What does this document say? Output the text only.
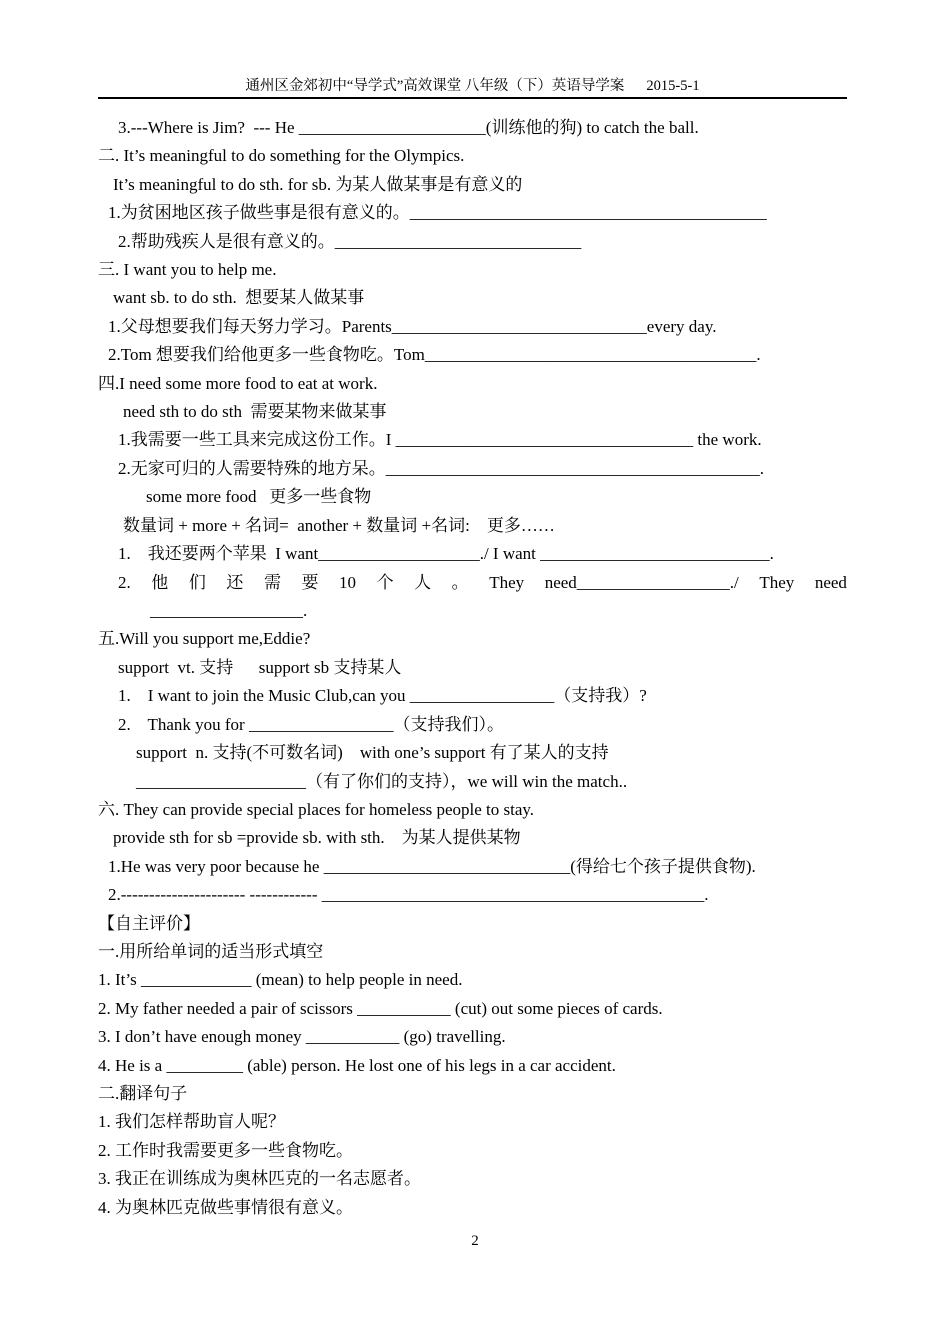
通州区金郊初中“导学式”高效课堂 八年级（下）英语导学案 2015-5-1
3.---Where is Jim?  --- He ______________________(训练他的狗) to catch the ball.
二. It’s meaningful to do something for the Olympics.
It’s meaningful to do sth. for sb. 为某人做某事是有意义的
1.为贫困地区孩子做些事是很有意义的。__________________________________________
2.帮助残疾人是很有意义的。_____________________________
三. I want you to help me.
want sb. to do sth.  想要某人做某事
1.父母想要我们每天努力学习。Parents______________________________every day.
2.Tom 想要我们给他更多一些食物吃。Tom_______________________________________.
四.I need some more food to eat at work.
need sth to do sth  需要某物来做某事
1.我需要一些工具来完成这份工作。I ___________________________________ the work.
2.无家可归的人需要特殊的地方呆。____________________________________________.
some more food   更多一些食物
数量词 + more + 名词=  another + 数量词 +名词:    更多……
1.    我还要两个苹果  I want___________________./ I want ___________________________.
2. 他 们 还 需 要 10 个 人 。 They need__________________./ They need
__________________.
五.Will you support me,Eddie?
support  vt. 支持      support sb 支持某人
1.    I want to join the Music Club,can you _________________（支持我）?
2.    Thank you for _________________（支持我们）。
support  n. 支持(不可数名词)    with one’s support 有了某人的支持
____________________（有了你们的支持），we will win the match..
六. They can provide special places for homeless people to stay.
provide sth for sb =provide sb. with sth.    为某人提供某物
1.He was very poor because he _____________________________(得给七个孩子提供食物).
2.---------------------- ------------ _____________________________________________.
【自主评价】
一.用所给单词的适当形式填空
1. It’s _____________ (mean) to help people in need.
2. My father needed a pair of scissors ___________ (cut) out some pieces of cards.
3. I don’t have enough money ___________ (go) travelling.
4. He is a _________ (able) person. He lost one of his legs in a car accident.
二.翻译句子
1. 我们怎样帮助盲人呢？
2. 工作时我需要更多一些食物吃。
3. 我正在训练成为奥林匹克的一名志愿者。
4. 为奥林匹克做些事情很有意义。
2
